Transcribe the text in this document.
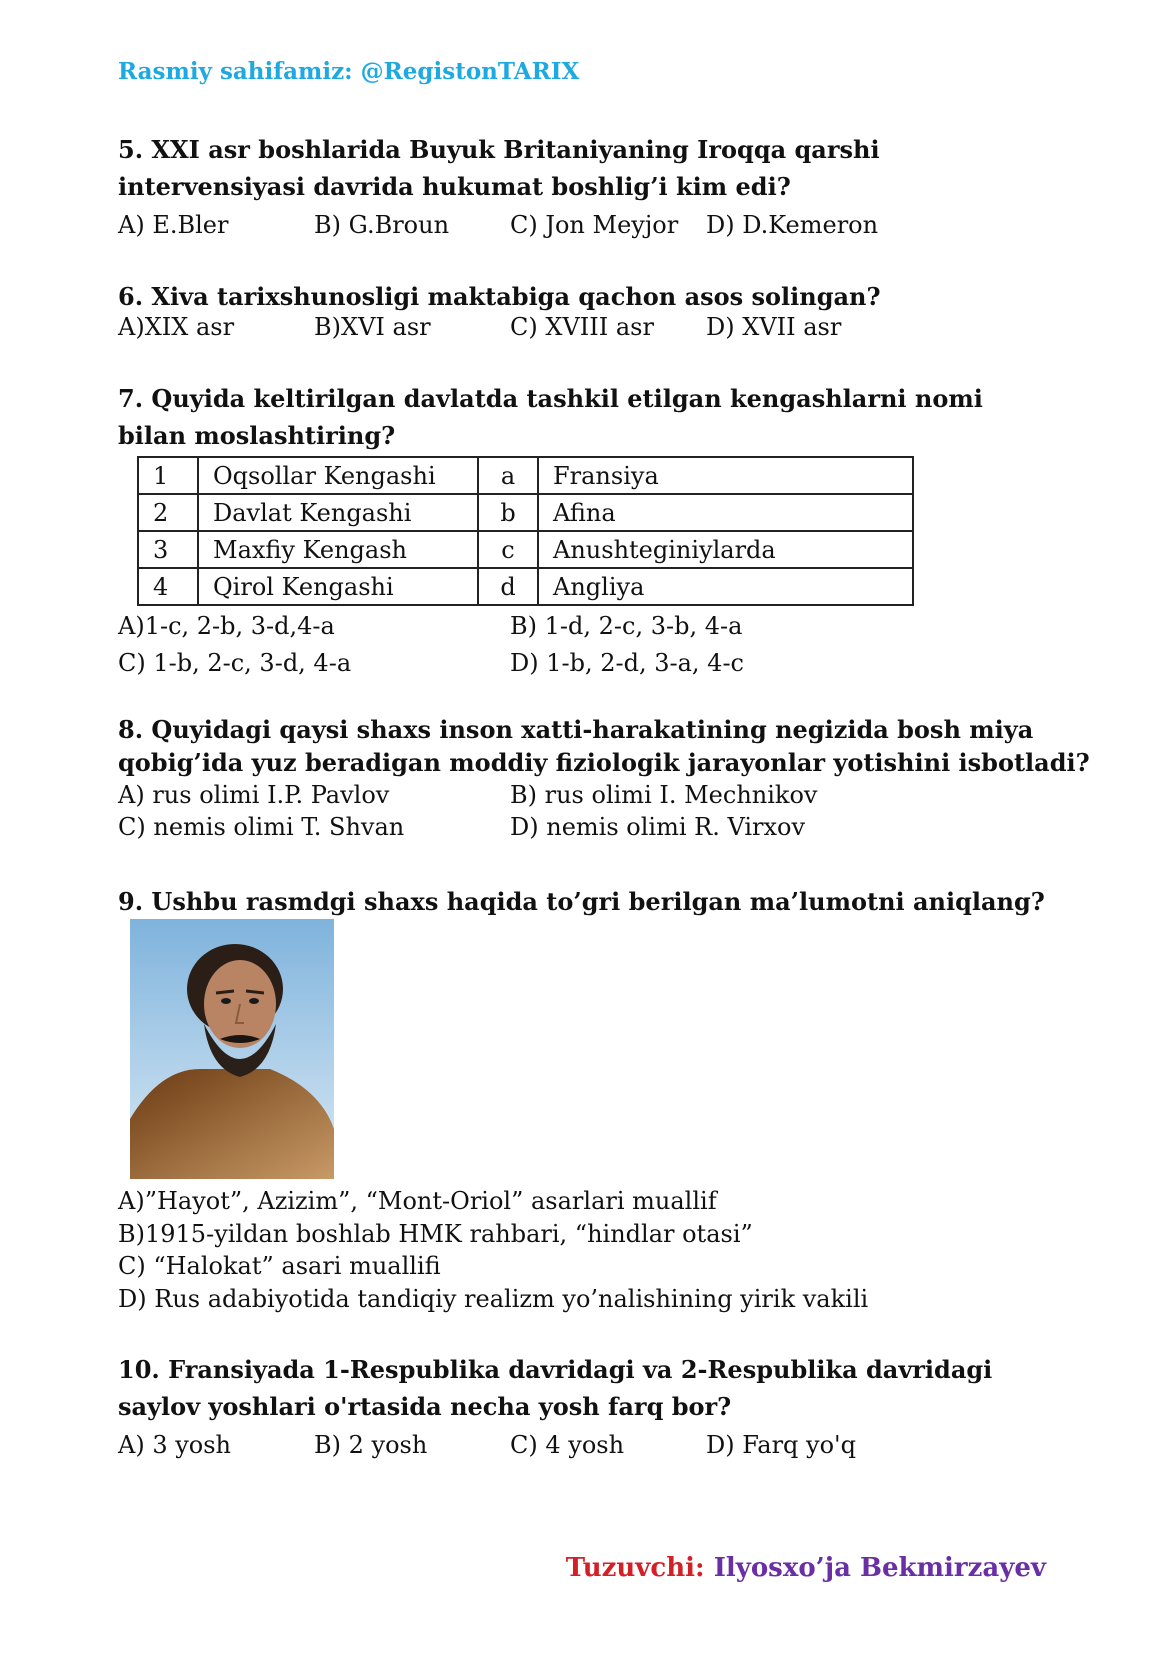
Rasmiy sahifamiz: @RegistonTARIX
5. XXI asr boshlarida Buyuk Britaniyaning Iroqqa qarshi intervensiyasi davrida hukumat boshlig’i kim edi?
A) E.Bler	B) G.Broun	C) Jon Meyjor	D) D.Kemeron
6. Xiva tarixshunosligi maktabiga qachon asos solingan?
A)XIX asr	B)XVI asr	C) XVIII asr	D) XVII asr
7. Quyida keltirilgan davlatda tashkil etilgan kengashlarni nomi bilan moslashtiring?
1	Oqsollar Kengashi	a	Fransiya
2	Davlat Kengashi	b	Afina
3	Maxfiy Kengash	c	Anushteginiylarda
4	Qirol Kengashi	d	Angliya
A)1-c, 2-b, 3-d,4-a	B) 1-d, 2-c, 3-b, 4-a
C) 1-b, 2-c, 3-d, 4-a	D) 1-b, 2-d, 3-a, 4-c
8. Quyidagi qaysi shaxs inson xatti-harakatining negizida bosh miya
qobig’ida yuz beradigan moddiy fiziologik jarayonlar yotishini isbotladi?
A) rus olimi I.P. Pavlov	B) rus olimi I. Mechnikov
C) nemis olimi T. Shvan	D) nemis olimi R. Virxov
9. Ushbu rasmdgi shaxs haqida to’gri berilgan ma’lumotni aniqlang?
A)”Hayot”, Azizim”, “Mont-Oriol” asarlari muallif
B)1915-yildan boshlab HMK rahbari, “hindlar otasi”
C) “Halokat” asari muallifi
D) Rus adabiyotida tandiqiy realizm yo’nalishining yirik vakili
10. Fransiyada 1-Respublika davridagi va 2-Respublika davridagi saylov yoshlari o'rtasida necha yosh farq bor?
A) 3 yosh	B) 2 yosh	C) 4 yosh	D) Farq yo'q
Tuzuvchi: Ilyosxo’ja Bekmirzayev
